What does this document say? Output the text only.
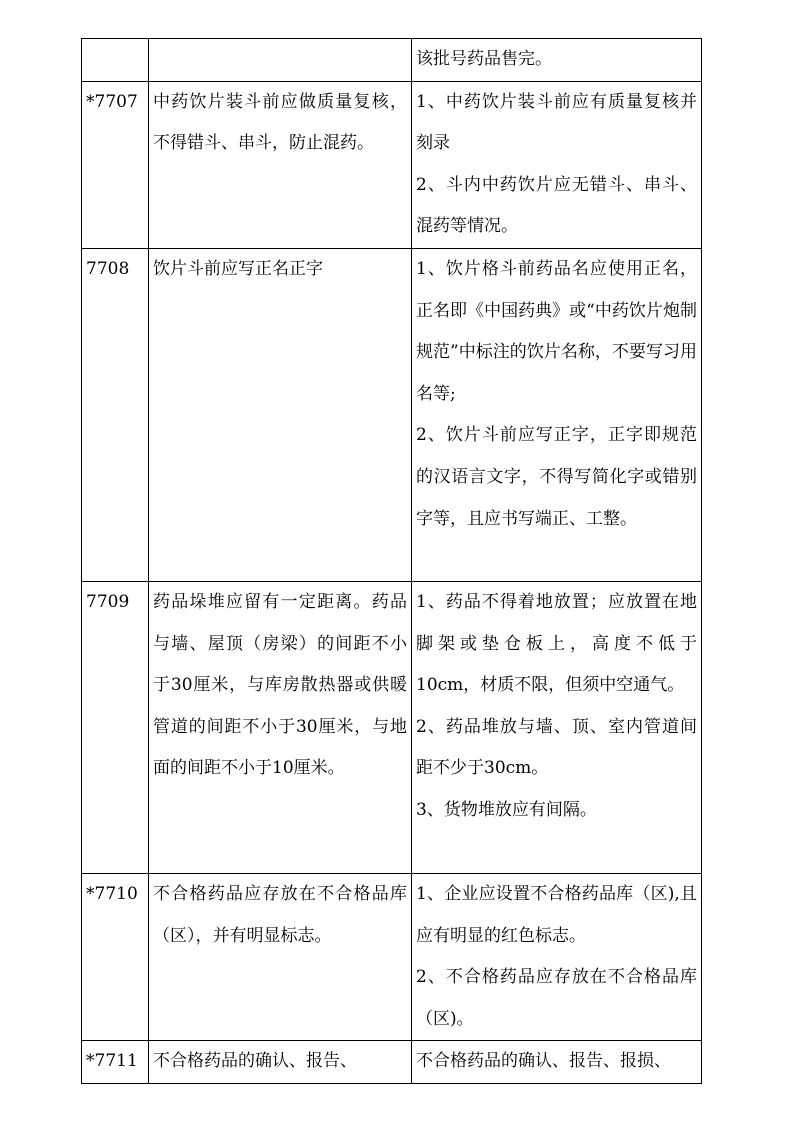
		该批号药品售完。

*7707	中药饮片装斗前应做质量复核，不得错斗、串斗，防止混药。	1、中药饮片装斗前应有质量复核并刻录
2、斗内中药饮片应无错斗、串斗、混药等情况。

7708	饮片斗前应写正名正字	1、饮片格斗前药品名应使用正名，正名即《中国药典》或“中药饮片炮制规范”中标注的饮片名称，不要写习用名等;
2、饮片斗前应写正字，正字即规范的汉语言文字，不得写简化字或错别字等，且应书写端正、工整。

7709	药品垛堆应留有一定距离。药品与墙、屋顶（房梁）的间距不小于30厘米，与库房散热器或供暖管道的间距不小于30厘米，与地面的间距不小于10厘米。	1、药品不得着地放置；应放置在地脚架或垫仓板上，高度不低于10cm，材质不限，但须中空通气。
2、药品堆放与墙、顶、室内管道间距不少于30cm。
3、货物堆放应有间隔。

*7710	不合格药品应存放在不合格品库（区），并有明显标志。	1、企业应设置不合格药品库（区),且应有明显的红色标志。
2、不合格药品应存放在不合格品库（区)。

*7711	不合格药品的确认、报告、	不合格药品的确认、报告、报损、
